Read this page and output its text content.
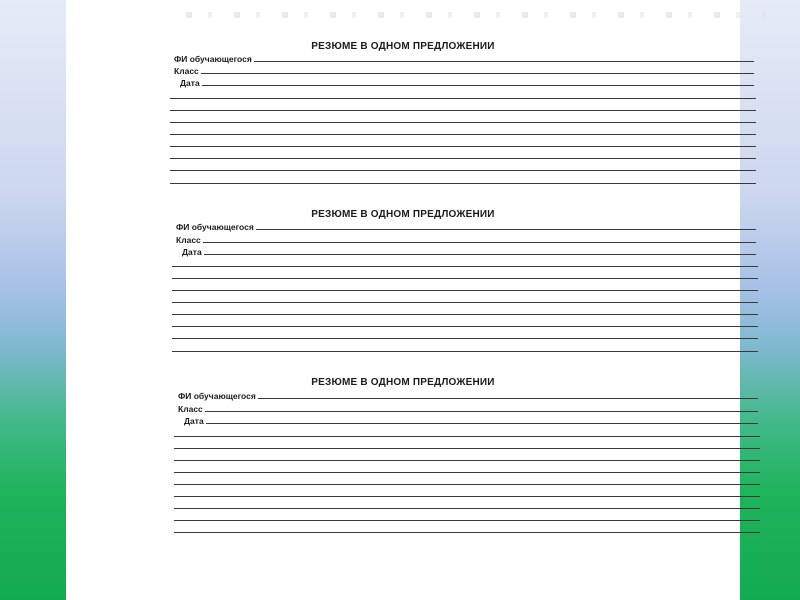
РЕЗЮМЕ В ОДНОМ ПРЕДЛОЖЕНИИ
ФИ обучающегося
Класс
Дата
РЕЗЮМЕ В ОДНОМ ПРЕДЛОЖЕНИИ
ФИ обучающегося
Класс
Дата
РЕЗЮМЕ В ОДНОМ ПРЕДЛОЖЕНИИ
ФИ обучающегося
Класс
Дата
